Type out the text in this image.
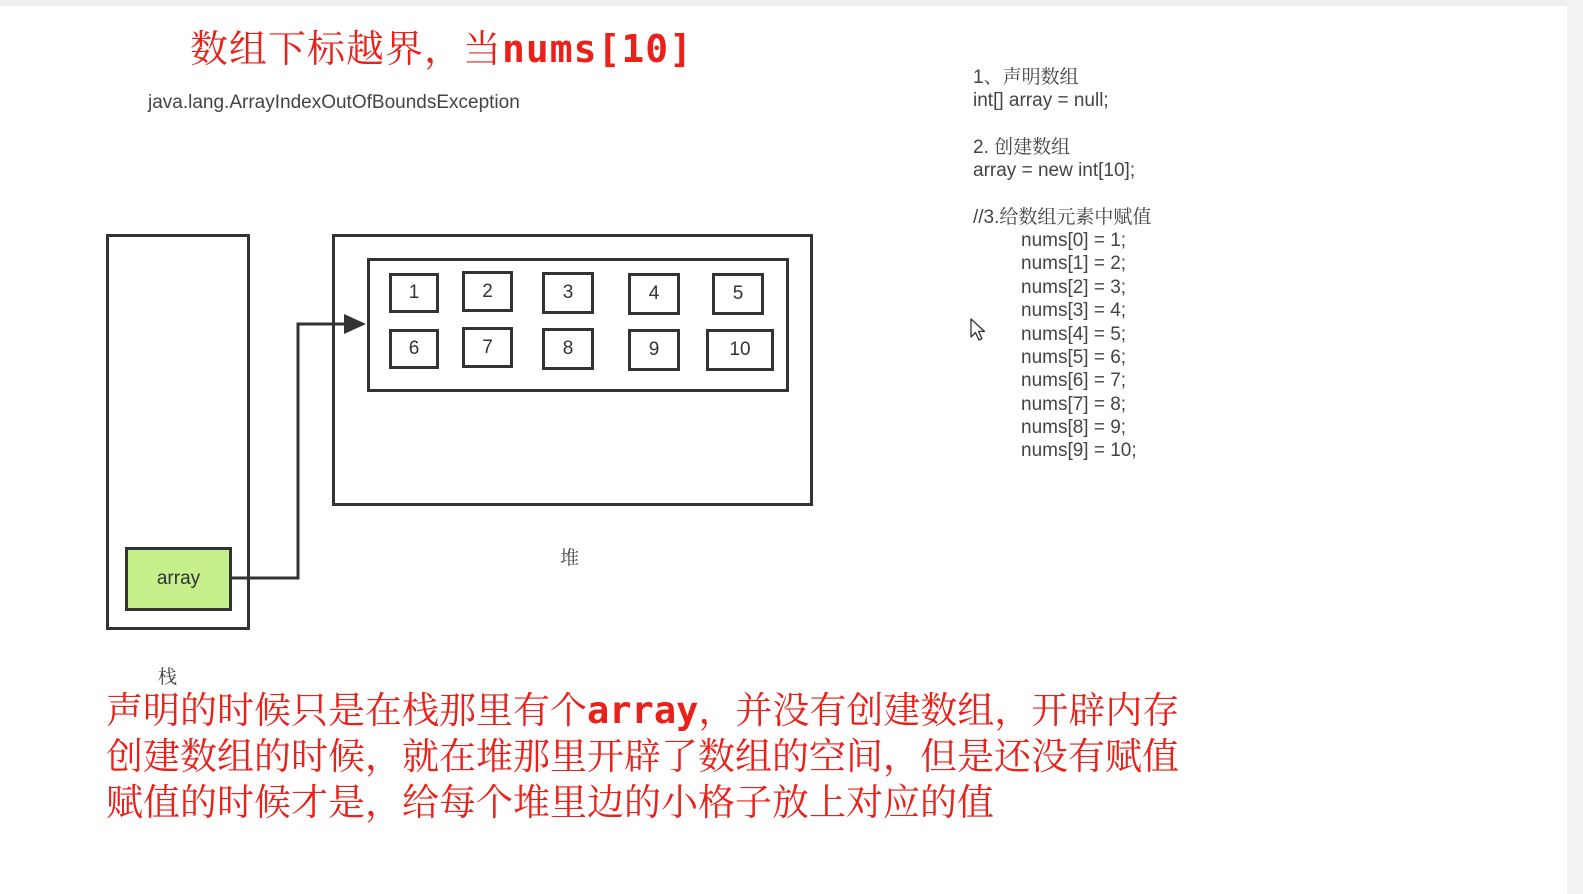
数组下标越界，当nums[10]
java.lang.ArrayIndexOutOfBoundsException
array
栈
1	2	3	4	5
6	7	8	9	10
堆
1、声明数组
int[] array = null;
2. 创建数组
array = new int[10];
//3.给数组元素中赋值
nums[0] = 1;
nums[1] = 2;
nums[2] = 3;
nums[3] = 4;
nums[4] = 5;
nums[5] = 6;
nums[6] = 7;
nums[7] = 8;
nums[8] = 9;
nums[9] = 10;
声明的时候只是在栈那里有个array，并没有创建数组，开辟内存
创建数组的时候，就在堆那里开辟了数组的空间，但是还没有赋值
赋值的时候才是，给每个堆里边的小格子放上对应的值
